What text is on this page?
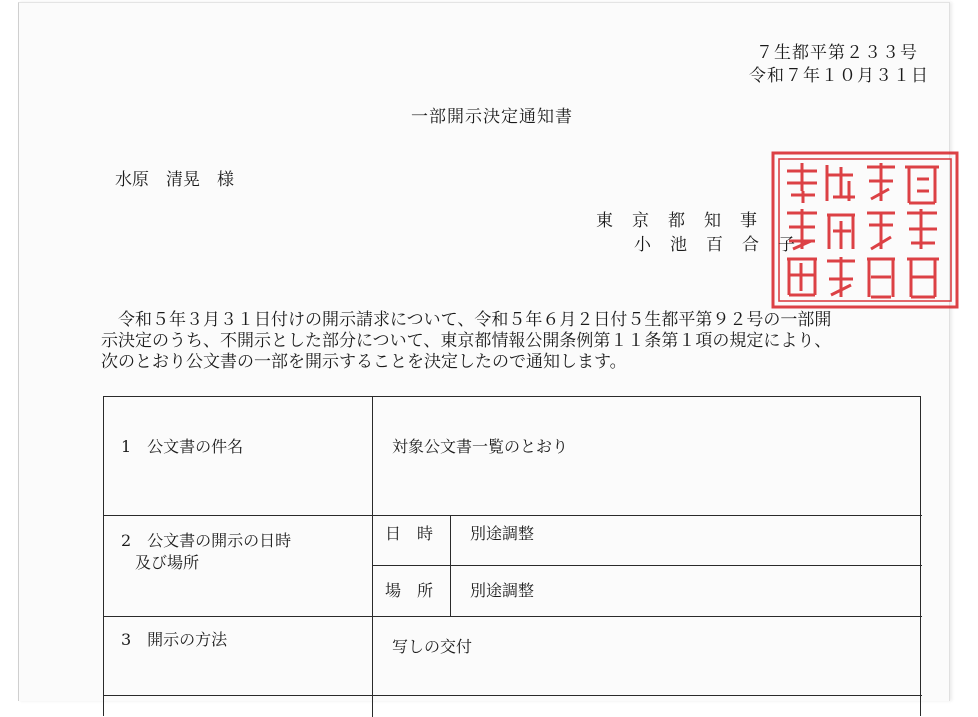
７生都平第２３３号
令和７年１０月３１日
一部開示決定通知書
水原　清晃　様
東京都知事
小池百合子

令和５年３月３１日付けの開示請求について、令和５年６月２日付５生都平第９２号の一部開

示決定のうち、不開示とした部分について、東京都情報公開条例第１１条第１項の規定により、

次のとおり公文書の一部を開示することを決定したので通知します。

1　公文書の件名	対象公文書一覧のとおり
2　公文書の開示の日時
及び場所
日　時 別途調整
場　所 別途調整
3　開示の方法	写しの交付
